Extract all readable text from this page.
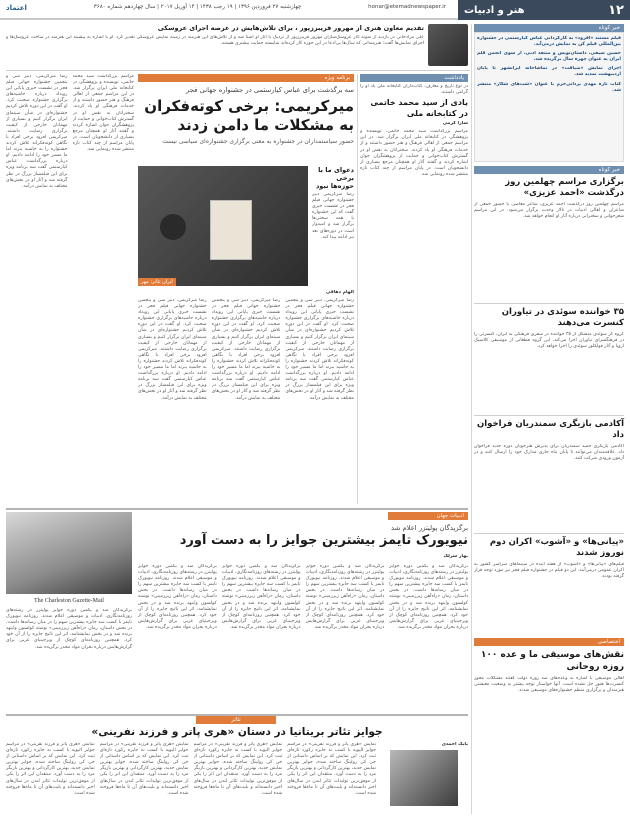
۱۲
هنر و ادبیات
اعتماد	چهارشنبه ۲۷ فروردین ۱۳۹۶ | ۱۹ رجب ۱۴۳۸ | ۱۴ آوریل ۲۰۱۷ | سال چهاردهم شماره ۳۶۸۰	honar@etemadnewspaper.ir
تقدیم معاون هنری از مهرور فریبرزپور ، برای تلاش‌هایش در عرصه اجرای عروسکی
علی مرادخانی در بازدید از نمونه آثار عروسک‌سازان مهرور فریبرزپور از نزدیک با آثار او آشنا شد و از تلاش‌های این هنرمند در زمینه نمایش عروسکی تقدیر کرد. او با اشاره به پیشینه این هنرمند در ساخت عروسک‌ها و اجرای نمایش‌ها گفت: هنرمندانی که سال‌ها بی‌ادعا در این حوزه کار کرده‌اند شایسته حمایت بیشتری هستند.
خبر کوتاه
فیلم مستند «آفرود» به کارگردانی عباس کیارستمی در جشنواره بین‌المللی فیلم کن به نمایش درمی‌آید.
حسین سیفی، داستان‌نویس و منتقد ادبی، از سوی انجمن قلم ایران به عنوان چهره سال برگزیده شد.
اجرای نمایش «ضیافت» در تماشاخانه ایرانشهر تا پایان اردیبهشت تمدید شد.
کتاب تازه مهدی یزدانی‌خرم با عنوان «شب‌های شکار» منتشر شد.
خبر کوتاه
برگزاری مراسم چهلمین روز درگذشت «احمد عزیزی»
مراسم چهلمین روز درگذشت احمد عزیزی، شاعر معاصر، با حضور جمعی از شاعران و اهالی ادبیات در تالار وحدت برگزار می‌شود. در این مراسم شعرخوانی و سخنرانی درباره آثار او انجام خواهد شد.
۳۵ خواننده سوئدی در تیاوران کنسرت می‌دهند
گروه کر سوئدی متشکل از ۳۵ خواننده در سفری فرهنگی به ایران، کنسرتی را در فرهنگسرای نیاوران اجرا می‌کند. این گروه قطعاتی از موسیقی کلاسیک اروپا و آثار فولکلور سوئدی را اجرا خواهد کرد.
آکادمی بازیگری سمندریان فراخوان داد
آکادمی بازیگری حمید سمندریان برای پذیرش هنرجویان دوره جدید فراخوان داد. علاقه‌مندان می‌توانند تا پایان ماه جاری مدارک خود را ارسال کنند و در آزمون ورودی شرکت کنند.
«پیانی‌ها» و «آشوب» اکران دوم نوروز شدند
فیلم‌های «پیانی‌ها» و «آشوب» از هفته آینده در سینماهای سراسر کشور به اکران عمومی درمی‌آیند. این دو فیلم در جشنواره فیلم فجر نیز مورد توجه قرار گرفته بودند.
اختصاصی
نقش‌های موسیقی ما و عده ۱۰۰ روزه روحانی
اهالی موسیقی با اشاره به وعده‌های صد روزه دولت گفتند مشکلات مجوز کنسرت‌ها هنوز حل نشده است. آنها خواستار توجه بیشتر به وضعیت معیشتی هنرمندان و برگزاری منظم جشنواره‌های موسیقی شدند.
یادداشت
در نوع تاریخ و معارف، کتاب‌داران کتابخانه ملی یاد او را گرامی داشتند.
یادی از سید محمد خاتمی در کتابخانه ملی
سارا کرمی
مراسم بزرگداشت سید محمد خاتمی، نویسنده و پژوهشگر، در کتابخانه ملی ایران برگزار شد. در این مراسم جمعی از اهالی فرهنگ و هنر حضور داشتند و از خدمات فرهنگی او یاد کردند. سخنرانان به نقش او در گسترش کتاب‌خوانی و حمایت از پژوهشگران جوان اشاره کردند و گفتند آثار او همچنان مرجع بسیاری از دانشجویان است. در پایان مراسم از چند کتاب تازه منتشر شده رونمایی شد.
برنامه ویژه
سه برگذشت برای عباس کیارستمی در جشنواره جهانی فجر
میرکریمی: برخی کوته‌فکران به مشکلات ما دامن زدند
حضور سیاستمداران در جشنواره به معنی برگزاری جشنواره‌ای سیاسی نیست
ایران تئاتر: مهر
دعوای ما با برخی حوزه‌ها نبود
رضا میرکریمی دبیر جشنواره جهانی فیلم فجر در نشست خبری گفت که این جشنواره با همه سختی‌ها برگزار شد و امیدوار است در دوره‌های بعد نیز ادامه پیدا کند.
الهام دهاقی
رضا میرکریمی، دبیر سی و پنجمین جشنواره جهانی فیلم فجر در نشست خبری پایانی این رویداد درباره حاشیه‌های برگزاری جشنواره صحبت کرد. او گفت در این دوره تلاش کردیم جشنواره‌ای در شأن سینمای ایران برگزار کنیم و بسیاری از مهمانان خارجی از کیفیت برگزاری رضایت داشتند. میرکریمی افزود برخی افراد با نگاهی کوته‌فکرانه تلاش کردند جشنواره را به حاشیه ببرند اما ما مسیر خود را ادامه دادیم. او درباره بزرگداشت عباس کیارستمی گفت سه برنامه ویژه برای این فیلمساز بزرگ در نظر گرفته شد و آثار او در بخش‌های مختلف به نمایش درآمد.
رضا میرکریمی، دبیر سی و پنجمین جشنواره جهانی فیلم فجر در نشست خبری پایانی این رویداد درباره حاشیه‌های برگزاری جشنواره صحبت کرد. او گفت در این دوره تلاش کردیم جشنواره‌ای در شأن سینمای ایران برگزار کنیم و بسیاری از مهمانان خارجی از کیفیت برگزاری رضایت داشتند. میرکریمی افزود برخی افراد با نگاهی کوته‌فکرانه تلاش کردند جشنواره را به حاشیه ببرند اما ما مسیر خود را ادامه دادیم. او درباره بزرگداشت عباس کیارستمی گفت سه برنامه ویژه برای این فیلمساز بزرگ در نظر گرفته شد و آثار او در بخش‌های مختلف به نمایش درآمد.
رضا میرکریمی، دبیر سی و پنجمین جشنواره جهانی فیلم فجر در نشست خبری پایانی این رویداد درباره حاشیه‌های برگزاری جشنواره صحبت کرد. او گفت در این دوره تلاش کردیم جشنواره‌ای در شأن سینمای ایران برگزار کنیم و بسیاری از مهمانان خارجی از کیفیت برگزاری رضایت داشتند. میرکریمی افزود برخی افراد با نگاهی کوته‌فکرانه تلاش کردند جشنواره را به حاشیه ببرند اما ما مسیر خود را ادامه دادیم. او درباره بزرگداشت عباس کیارستمی گفت سه برنامه ویژه برای این فیلمساز بزرگ در نظر گرفته شد و آثار او در بخش‌های مختلف به نمایش درآمد.
مراسم بزرگداشت سید محمد خاتمی، نویسنده و پژوهشگر، در کتابخانه ملی ایران برگزار شد. در این مراسم جمعی از اهالی فرهنگ و هنر حضور داشتند و از خدمات فرهنگی او یاد کردند. سخنرانان به نقش او در گسترش کتاب‌خوانی و حمایت از پژوهشگران جوان اشاره کردند و گفتند آثار او همچنان مرجع بسیاری از دانشجویان است. در پایان مراسم از چند کتاب تازه منتشر شده رونمایی شد.
رضا میرکریمی، دبیر سی و پنجمین جشنواره جهانی فیلم فجر در نشست خبری پایانی این رویداد درباره حاشیه‌های برگزاری جشنواره صحبت کرد. او گفت در این دوره تلاش کردیم جشنواره‌ای در شأن سینمای ایران برگزار کنیم و بسیاری از مهمانان خارجی از کیفیت برگزاری رضایت داشتند. میرکریمی افزود برخی افراد با نگاهی کوته‌فکرانه تلاش کردند جشنواره را به حاشیه ببرند اما ما مسیر خود را ادامه دادیم. او درباره بزرگداشت عباس کیارستمی گفت سه برنامه ویژه برای این فیلمساز بزرگ در نظر گرفته شد و آثار او در بخش‌های مختلف به نمایش درآمد.
ادبیات جهان
برگزیدگان پولیتزر اعلام شد
نیویورک تایمز بیشترین جوایز را به دست آورد
بهار سرلک
برگزیدگان صد و یکمین دوره جوایز پولیتزر در رشته‌های روزنامه‌نگاری، ادبیات و موسیقی اعلام شدند. روزنامه نیویورک تایمز با کسب سه جایزه بیشترین سهم را در میان رسانه‌ها داشت. در بخش داستان، رمان «راه‌آهن زیرزمینی» نوشته کولسون وایتهد برنده شد و در بخش نمایشنامه، اثر لین ناتیج جایزه را از آن خود کرد. همچنین روزنامه‌ای کوچک از ویرجینیای غربی برای گزارش‌هایش درباره بحران مواد مخدر برگزیده شد.
برگزیدگان صد و یکمین دوره جوایز پولیتزر در رشته‌های روزنامه‌نگاری، ادبیات و موسیقی اعلام شدند. روزنامه نیویورک تایمز با کسب سه جایزه بیشترین سهم را در میان رسانه‌ها داشت. در بخش داستان، رمان «راه‌آهن زیرزمینی» نوشته کولسون وایتهد برنده شد و در بخش نمایشنامه، اثر لین ناتیج جایزه را از آن خود کرد. همچنین روزنامه‌ای کوچک از ویرجینیای غربی برای گزارش‌هایش درباره بحران مواد مخدر برگزیده شد.
برگزیدگان صد و یکمین دوره جوایز پولیتزر در رشته‌های روزنامه‌نگاری، ادبیات و موسیقی اعلام شدند. روزنامه نیویورک تایمز با کسب سه جایزه بیشترین سهم را در میان رسانه‌ها داشت. در بخش داستان، رمان «راه‌آهن زیرزمینی» نوشته کولسون وایتهد برنده شد و در بخش نمایشنامه، اثر لین ناتیج جایزه را از آن خود کرد. همچنین روزنامه‌ای کوچک از ویرجینیای غربی برای گزارش‌هایش درباره بحران مواد مخدر برگزیده شد.
برگزیدگان صد و یکمین دوره جوایز پولیتزر در رشته‌های روزنامه‌نگاری، ادبیات و موسیقی اعلام شدند. روزنامه نیویورک تایمز با کسب سه جایزه بیشترین سهم را در میان رسانه‌ها داشت. در بخش داستان، رمان «راه‌آهن زیرزمینی» نوشته کولسون وایتهد برنده شد و در بخش نمایشنامه، اثر لین ناتیج جایزه را از آن خود کرد. همچنین روزنامه‌ای کوچک از ویرجینیای غربی برای گزارش‌هایش درباره بحران مواد مخدر برگزیده شد.
The Charleston Gazette-Mail
برگزیدگان صد و یکمین دوره جوایز پولیتزر در رشته‌های روزنامه‌نگاری، ادبیات و موسیقی اعلام شدند. روزنامه نیویورک تایمز با کسب سه جایزه بیشترین سهم را در میان رسانه‌ها داشت. در بخش داستان، رمان «راه‌آهن زیرزمینی» نوشته کولسون وایتهد برنده شد و در بخش نمایشنامه، اثر لین ناتیج جایزه را از آن خود کرد. همچنین روزنامه‌ای کوچک از ویرجینیای غربی برای گزارش‌هایش درباره بحران مواد مخدر برگزیده شد.
تئاتر
جوایز تئاتر بریتانیا در دستان «هری پاتر و فرزند نفرینی»
بابک احمدی
نمایش «هری پاتر و فرزند نفرینی» در مراسم جوایز الیویه با کسب نه جایزه رکورد تازه‌ای ثبت کرد. این نمایش که بر اساس داستانی از جی کی رولینگ ساخته شده، جوایز بهترین نمایش جدید، بهترین کارگردانی و بهترین بازیگر مرد را به دست آورد. منتقدان این اثر را یکی از موفق‌ترین تولیدات تئاتر لندن در سال‌های اخیر دانسته‌اند و بلیت‌های آن تا ماه‌ها فروخته شده است.
نمایش «هری پاتر و فرزند نفرینی» در مراسم جوایز الیویه با کسب نه جایزه رکورد تازه‌ای ثبت کرد. این نمایش که بر اساس داستانی از جی کی رولینگ ساخته شده، جوایز بهترین نمایش جدید، بهترین کارگردانی و بهترین بازیگر مرد را به دست آورد. منتقدان این اثر را یکی از موفق‌ترین تولیدات تئاتر لندن در سال‌های اخیر دانسته‌اند و بلیت‌های آن تا ماه‌ها فروخته شده است.
نمایش «هری پاتر و فرزند نفرینی» در مراسم جوایز الیویه با کسب نه جایزه رکورد تازه‌ای ثبت کرد. این نمایش که بر اساس داستانی از جی کی رولینگ ساخته شده، جوایز بهترین نمایش جدید، بهترین کارگردانی و بهترین بازیگر مرد را به دست آورد. منتقدان این اثر را یکی از موفق‌ترین تولیدات تئاتر لندن در سال‌های اخیر دانسته‌اند و بلیت‌های آن تا ماه‌ها فروخته شده است.
نمایش «هری پاتر و فرزند نفرینی» در مراسم جوایز الیویه با کسب نه جایزه رکورد تازه‌ای ثبت کرد. این نمایش که بر اساس داستانی از جی کی رولینگ ساخته شده، جوایز بهترین نمایش جدید، بهترین کارگردانی و بهترین بازیگر مرد را به دست آورد. منتقدان این اثر را یکی از موفق‌ترین تولیدات تئاتر لندن در سال‌های اخیر دانسته‌اند و بلیت‌های آن تا ماه‌ها فروخته شده است.
